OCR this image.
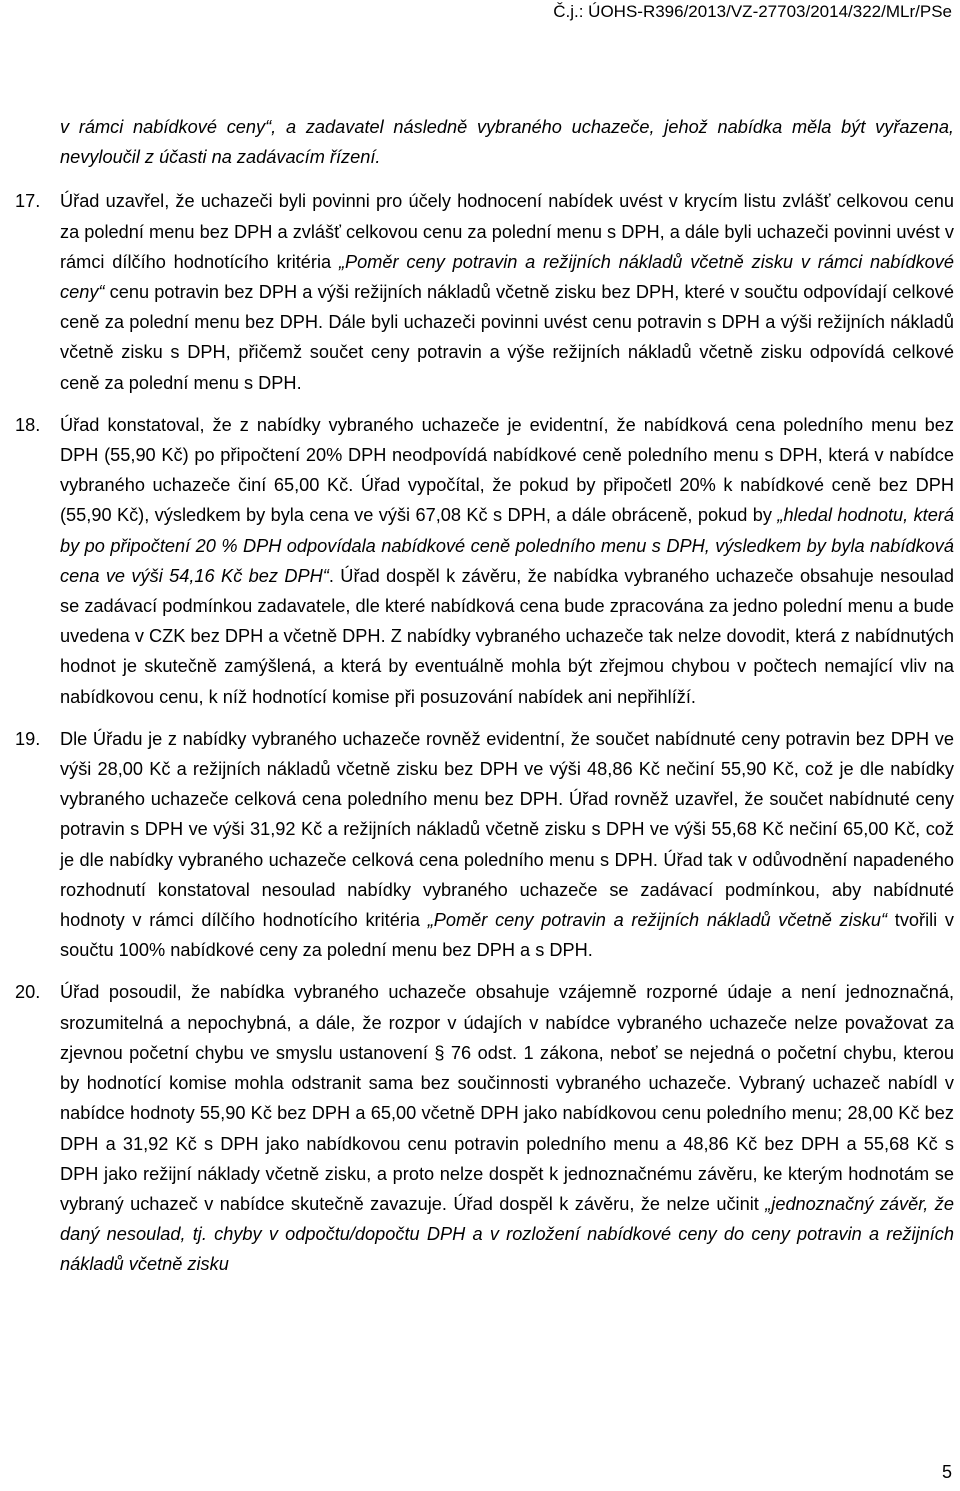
Č.j.: ÚOHS-R396/2013/VZ-27703/2014/322/MLr/PSe

v rámci nabídkové ceny“, a zadavatel následně vybraného uchazeče, jehož nabídka měla být vyřazena, nevyloučil z účasti na zadávacím řízení.

17.	Úřad uzavřel, že uchazeči byli povinni pro účely hodnocení nabídek uvést v krycím listu zvlášť celkovou cenu za polední menu bez DPH a zvlášť celkovou cenu za polední menu s DPH, a dále byli uchazeči povinni uvést v rámci dílčího hodnotícího kritéria „Poměr ceny potravin a režijních nákladů včetně zisku v rámci nabídkové ceny“ cenu potravin bez DPH a výši režijních nákladů včetně zisku bez DPH, které v součtu odpovídají celkové ceně za polední menu bez DPH. Dále byli uchazeči povinni uvést cenu potravin s DPH a výši režijních nákladů včetně zisku s DPH, přičemž součet ceny potravin a výše režijních nákladů včetně zisku odpovídá celkové ceně za polední menu s DPH.
18.	Úřad konstatoval, že z nabídky vybraného uchazeče je evidentní, že nabídková cena poledního menu bez DPH (55,90 Kč) po připočtení 20% DPH neodpovídá nabídkové ceně poledního menu s DPH, která v nabídce vybraného uchazeče činí 65,00 Kč. Úřad vypočítal, že pokud by připočetl 20% k nabídkové ceně bez DPH (55,90 Kč), výsledkem by byla cena ve výši 67,08 Kč s DPH, a dále obráceně, pokud by „hledal hodnotu, která by po připočtení 20 % DPH odpovídala nabídkové ceně poledního menu s DPH, výsledkem by byla nabídková cena ve výši 54,16 Kč bez DPH“. Úřad dospěl k závěru, že nabídka vybraného uchazeče obsahuje nesoulad se zadávací podmínkou zadavatele, dle které nabídková cena bude zpracována za jedno polední menu a bude uvedena v CZK bez DPH a včetně DPH. Z nabídky vybraného uchazeče tak nelze dovodit, která z nabídnutých hodnot je skutečně zamýšlená, a která by eventuálně mohla být zřejmou chybou v počtech nemající vliv na nabídkovou cenu, k níž hodnotící komise při posuzování nabídek ani nepřihlíží.
19.	Dle Úřadu je z nabídky vybraného uchazeče rovněž evidentní, že součet nabídnuté ceny potravin bez DPH ve výši 28,00 Kč a režijních nákladů včetně zisku bez DPH ve výši 48,86 Kč nečiní 55,90 Kč, což je dle nabídky vybraného uchazeče celková cena poledního menu bez DPH. Úřad rovněž uzavřel, že součet nabídnuté ceny potravin s DPH ve výši 31,92 Kč a režijních nákladů včetně zisku s DPH ve výši 55,68 Kč nečiní 65,00 Kč, což je dle nabídky vybraného uchazeče celková cena poledního menu s DPH. Úřad tak v odůvodnění napadeného rozhodnutí konstatoval nesoulad nabídky vybraného uchazeče se zadávací podmínkou, aby nabídnuté hodnoty v rámci dílčího hodnotícího kritéria „Poměr ceny potravin a režijních nákladů včetně zisku“ tvořili v součtu 100% nabídkové ceny za polední menu bez DPH a s DPH.
20.	Úřad posoudil, že nabídka vybraného uchazeče obsahuje vzájemně rozporné údaje a není jednoznačná, srozumitelná a nepochybná, a dále, že rozpor v údajích v nabídce vybraného uchazeče nelze považovat za zjevnou početní chybu ve smyslu ustanovení § 76 odst. 1 zákona, neboť se nejedná o početní chybu, kterou by hodnotící komise mohla odstranit sama bez součinnosti vybraného uchazeče. Vybraný uchazeč nabídl v nabídce hodnoty 55,90 Kč bez DPH a 65,00 včetně DPH jako nabídkovou cenu poledního menu; 28,00 Kč bez DPH a 31,92 Kč s DPH jako nabídkovou cenu potravin poledního menu a 48,86 Kč bez DPH a 55,68 Kč s DPH jako režijní náklady včetně zisku, a proto nelze dospět k jednoznačnému závěru, ke kterým hodnotám se vybraný uchazeč v nabídce skutečně zavazuje. Úřad dospěl k závěru, že nelze učinit „jednoznačný závěr, že daný nesoulad, tj. chyby v odpočtu/dopočtu DPH a v rozložení nabídkové ceny do ceny potravin a režijních nákladů včetně zisku
5
